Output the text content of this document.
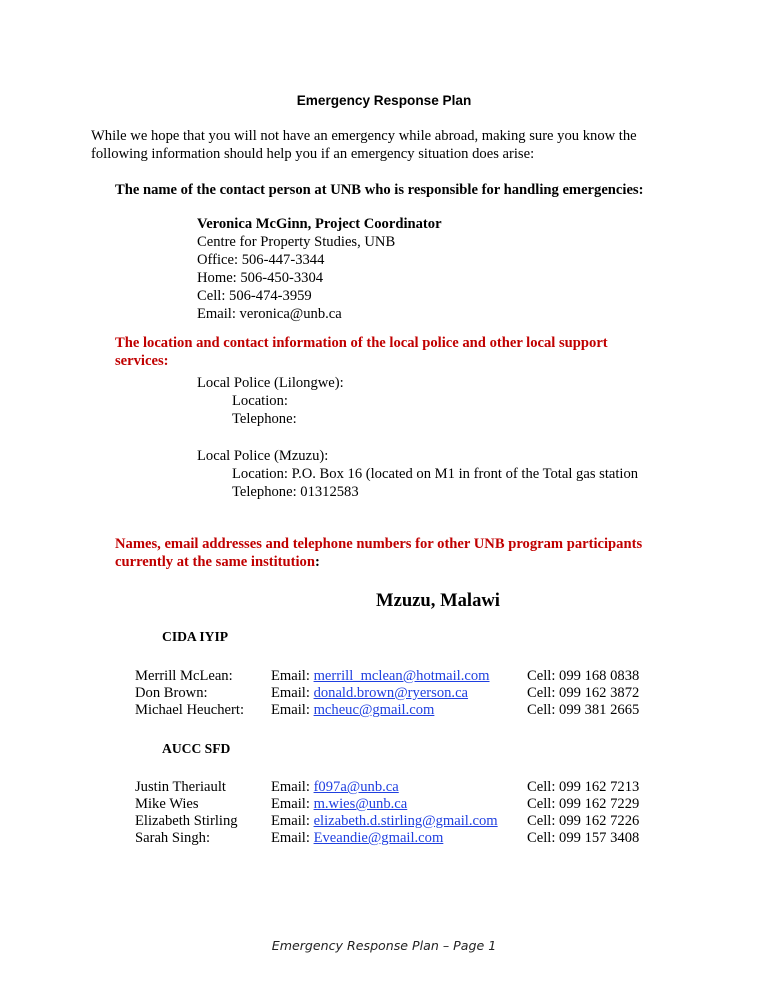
Emergency Response Plan
While we hope that you will not have an emergency while abroad, making sure you know the following information should help you if an emergency situation does arise:
The name of the contact person at UNB who is responsible for handling emergencies:
Veronica McGinn, Project Coordinator
Centre for Property Studies, UNB
Office: 506-447-3344
Home: 506-450-3304
Cell: 506-474-3959
Email: veronica@unb.ca
The location and contact information of the local police and other local support services:
Local Police (Lilongwe):
Location:
Telephone:
Local Police (Mzuzu):
Location: P.O. Box 16 (located on M1 in front of the Total gas station
Telephone: 01312583
Names, email addresses and telephone numbers for other UNB program participants currently at the same institution:
Mzuzu, Malawi
CIDA IYIP
Merrill McLean:	Email: merrill_mclean@hotmail.com	Cell: 099 168 0838
Don Brown:	Email: donald.brown@ryerson.ca	Cell: 099 162 3872
Michael Heuchert: Email: mcheuc@gmail.com	Cell: 099 381 2665
AUCC SFD
Justin Theriault	Email: f097a@unb.ca	Cell: 099 162 7213
Mike Wies	Email: m.wies@unb.ca	Cell: 099 162 7229
Elizabeth Stirling Email: elizabeth.d.stirling@gmail.com Cell: 099 162 7226
Sarah Singh:	Email: Eveandie@gmail.com	Cell: 099 157 3408
Emergency Response Plan – Page 1
